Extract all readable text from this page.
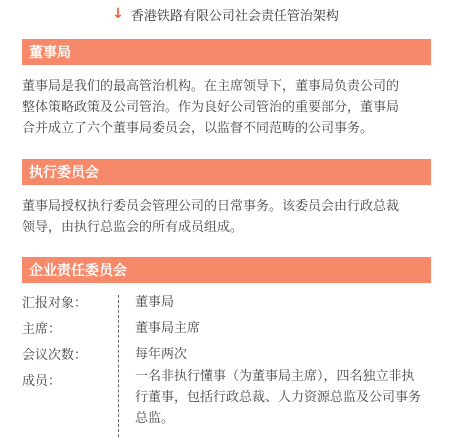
↓ 香港铁路有限公司社会责任管治架构
董事局
董事局是我们的最高管治机构。在主席领导下，董事局负责公司的
整体策略政策及公司管治。作为良好公司管治的重要部分，董事局
合并成立了六个董事局委员会，以监督不同范畴的公司事务。
执行委员会
董事局授权执行委员会管理公司的日常事务。该委员会由行政总裁
领导，由执行总监会的所有成员组成。
企业责任委员会
汇报对象：	董事局
主席：	董事局主席
会议次数：	每年两次
成员：	一名非执行懂事（为董事局主席），四名独立非执
行董事，包括行政总裁、人力资源总监及公司事务
总监。
